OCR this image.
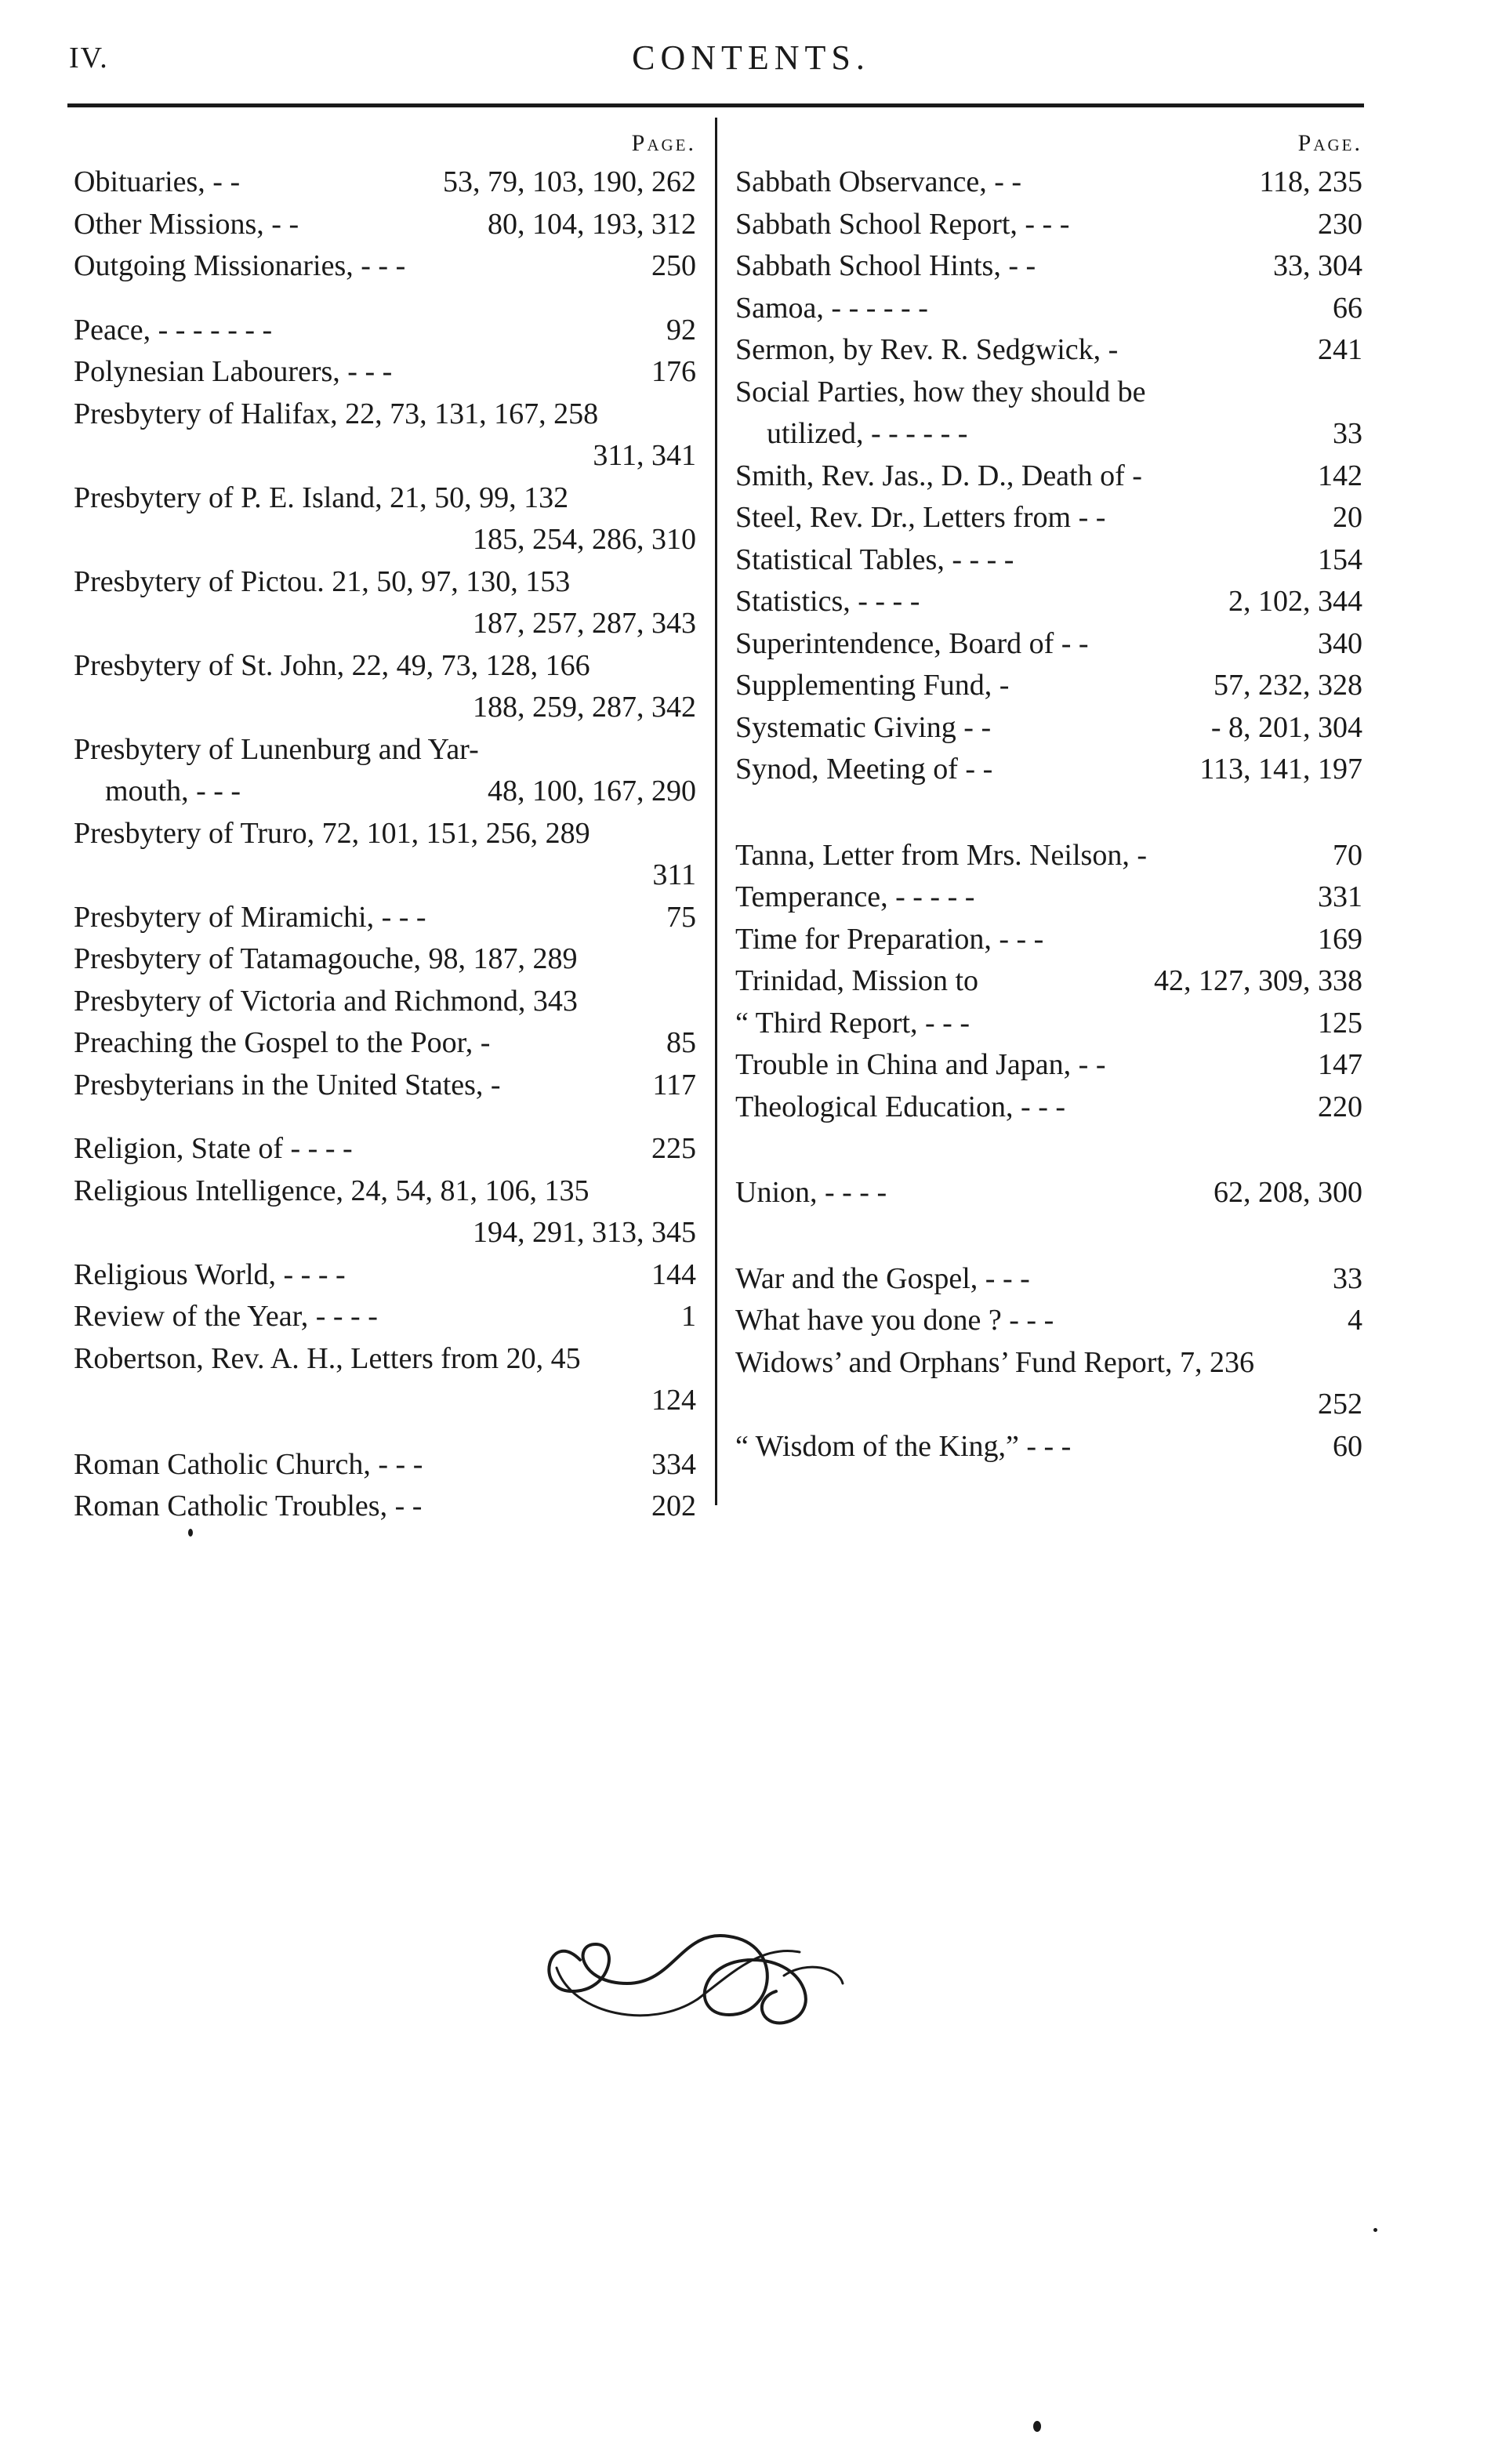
IV.	CONTENTS.
Page.
Obituaries, - -	53, 79, 103, 190, 262
Other Missions, - -	80, 104, 193, 312
Outgoing Missionaries, - - -	250
Peace, - - - - - - -	92
Polynesian Labourers, - - -	176
Presbytery of Halifax, 22, 73, 131, 167, 258
311, 341
Presbytery of P. E. Island, 21, 50, 99, 132
185, 254, 286, 310
Presbytery of Pictou. 21, 50, 97, 130, 153
187, 257, 287, 343
Presbytery of St. John, 22, 49, 73, 128, 166
188, 259, 287, 342
Presbytery of Lunenburg and Yar-
mouth, - - -	48, 100, 167, 290
Presbytery of Truro, 72, 101, 151, 256, 289
311
Presbytery of Miramichi, - - -	75
Presbytery of Tatamagouche, 98, 187, 289
Presbytery of Victoria and Richmond, 343
Preaching the Gospel to the Poor, -	85
Presbyterians in the United States, -	117
Religion, State of - - - -	225
Religious Intelligence, 24, 54, 81, 106, 135
194, 291, 313, 345
Religious World, - - - -	144
Review of the Year, - - - -	1
Robertson, Rev. A. H., Letters from 20, 45
124
Roman Catholic Church, - - -	334
Roman Catholic Troubles, - -	202
Page.
Sabbath Observance, - -	118, 235
Sabbath School Report, - - -	230
Sabbath School Hints, - -	33, 304
Samoa, - - - - - -	66
Sermon, by Rev. R. Sedgwick, -	241
Social Parties, how they should be
utilized, - - - - - -	33
Smith, Rev. Jas., D. D., Death of -	142
Steel, Rev. Dr., Letters from - -	20
Statistical Tables, - - - -	154
Statistics, - - - -	2, 102, 344
Superintendence, Board of - -	340
Supplementing Fund, -	57, 232, 328
Systematic Giving - -	- 8, 201, 304
Synod, Meeting of - -	113, 141, 197
Tanna, Letter from Mrs. Neilson, -	70
Temperance, - - - - -	331
Time for Preparation, - - -	169
Trinidad, Mission to	42, 127, 309, 338
“ Third Report, - - -	125
Trouble in China and Japan, - -	147
Theological Education, - - -	220
Union, - - - -	62, 208, 300
War and the Gospel, - - -	33
What have you done ? - - -	4
Widows’ and Orphans’ Fund Report, 7, 236
252
“ Wisdom of the King,” - - -	60
